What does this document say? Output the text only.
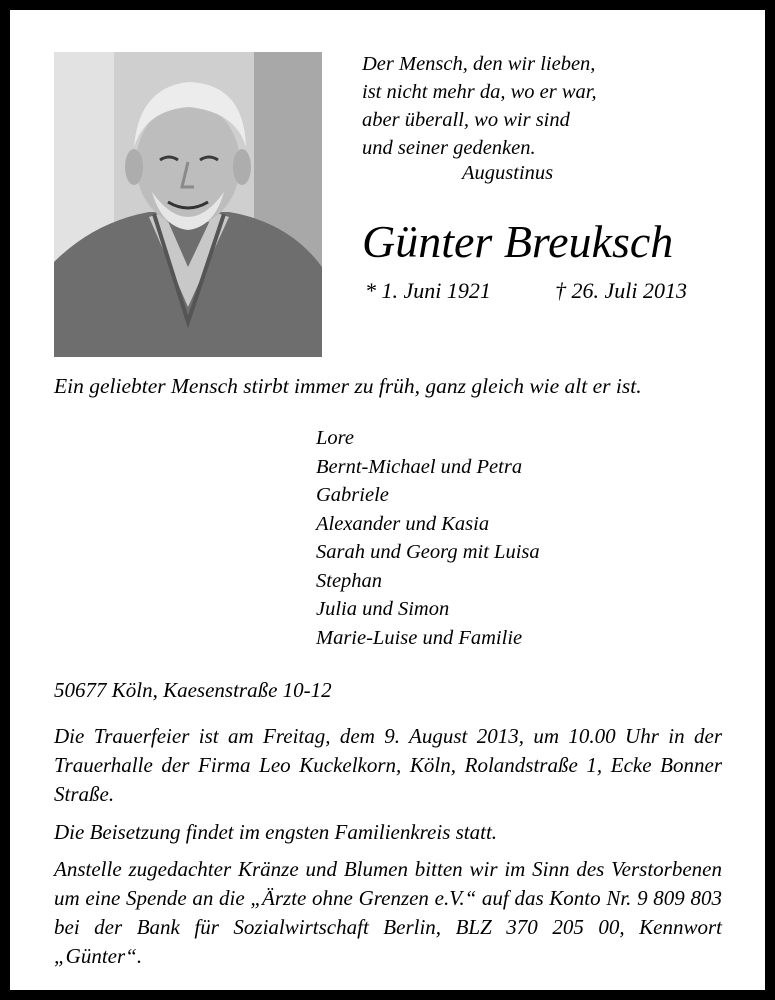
Der Mensch, den wir lieben,
ist nicht mehr da, wo er war,
aber überall, wo wir sind
und seiner gedenken.
Augustinus
Günter Breuksch
* 1. Juni 1921	† 26. Juli 2013
Ein geliebter Mensch stirbt immer zu früh, ganz gleich wie alt er ist.
Lore
Bernt-Michael und Petra
Gabriele
Alexander und Kasia
Sarah und Georg mit Luisa
Stephan
Julia und Simon
Marie-Luise und Familie
50677 Köln, Kaesenstraße 10-12
Die Trauerfeier ist am Freitag, dem 9. August 2013, um 10.00 Uhr in der Trauerhalle der Firma Leo Kuckelkorn, Köln, Rolandstraße 1, Ecke Bonner Straße.
Die Beisetzung findet im engsten Familienkreis statt.
Anstelle zugedachter Kränze und Blumen bitten wir im Sinn des Verstorbenen um eine Spende an die „Ärzte ohne Grenzen e.V.“ auf das Konto Nr. 9 809 803 bei der Bank für Sozialwirtschaft Berlin, BLZ 370 205 00, Kennwort „Günter“.
